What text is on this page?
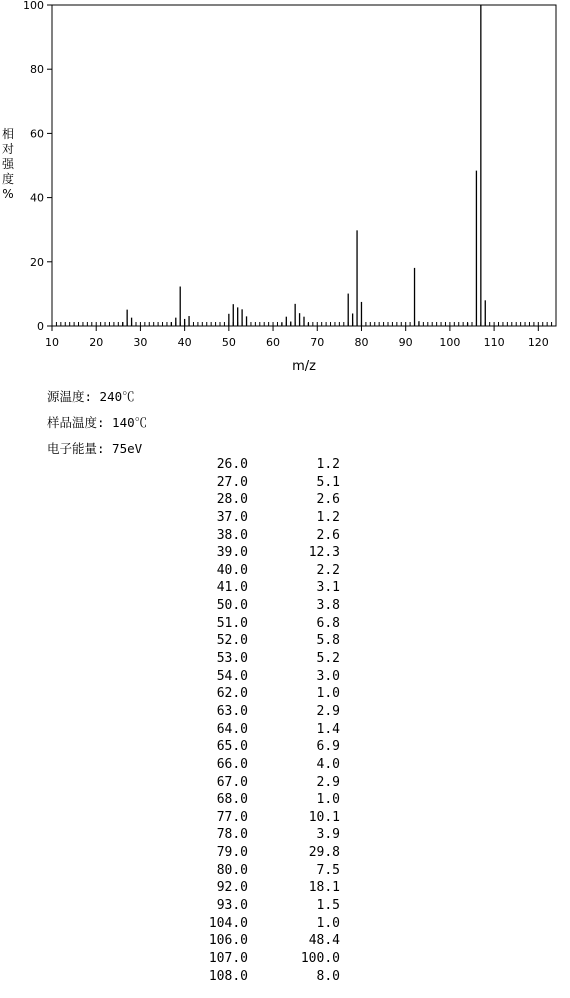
10	20	30	40	50	60	70	80	90 100 110 120
0
20
40
60
80
100
m/z
相
对
强
度
%
源温度: 240℃
样品温度: 140℃
电子能量: 75eV
26.0	1.2
27.0	5.1
28.0	2.6
37.0	1.2
38.0	2.6
39.0	12.3
40.0	2.2
41.0	3.1
50.0	3.8
51.0	6.8
52.0	5.8
53.0	5.2
54.0	3.0
62.0	1.0
63.0	2.9
64.0	1.4
65.0	6.9
66.0	4.0
67.0	2.9
68.0	1.0
77.0	10.1
78.0	3.9
79.0	29.8
80.0	7.5
92.0	18.1
93.0	1.5
104.0	1.0
106.0	48.4
107.0	100.0
108.0	8.0
